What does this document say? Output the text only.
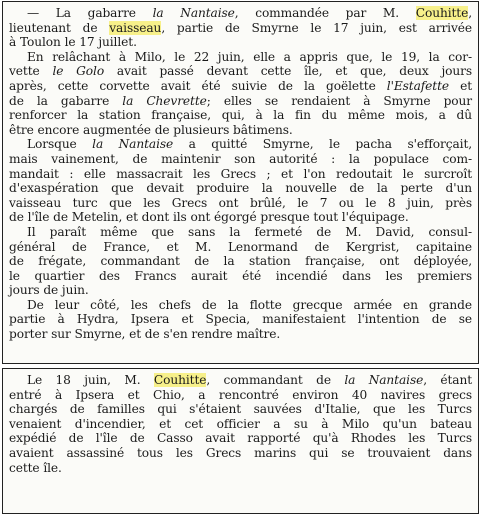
— La gabarre la Nantaise, commandée par M. Couhitte,
lieutenant de vaisseau, partie de Smyrne le 17 juin, est arrivée
à Toulon le 17 juillet.

En relâchant à Milo, le 22 juin, elle a appris que, le 19, la cor-
vette le Golo avait passé devant cette île, et que, deux jours
après, cette corvette avait été suivie de la goëlette l'Estafette et
de la gabarre la Chevrette; elles se rendaient à Smyrne pour
renforcer la station française, qui, à la fin du même mois, a dû
être encore augmentée de plusieurs bâtimens.

Lorsque la Nantaise a quitté Smyrne, le pacha s'efforçait,
mais vainement, de maintenir son autorité : la populace com-
mandait : elle massacrait les Grecs ; et l'on redoutait le surcroît
d'exaspération que devait produire la nouvelle de la perte d'un
vaisseau turc que les Grecs ont brûlé, le 7 ou le 8 juin, près
de l'île de Metelin, et dont ils ont égorgé presque tout l'équipage.

Il paraît même que sans la fermeté de M. David, consul-
général de France, et M. Lenormand de Kergrist, capitaine
de frégate, commandant de la station française, ont déployée,
le quartier des Francs aurait été incendié dans les premiers
jours de juin.

De leur côté, les chefs de la flotte grecque armée en grande
partie à Hydra, Ipsera et Specia, manifestaient l'intention de se
porter sur Smyrne, et de s'en rendre maître.

Le 18 juin, M. Couhitte, commandant de la Nantaise, étant
entré à Ipsera et Chio, a rencontré environ 40 navires grecs
chargés de familles qui s'étaient sauvées d'Italie, que les Turcs
venaient d'incendier, et cet officier a su à Milo qu'un bateau
expédié de l'île de Casso avait rapporté qu'à Rhodes les Turcs
avaient assassiné tous les Grecs marins qui se trouvaient dans
cette île.
